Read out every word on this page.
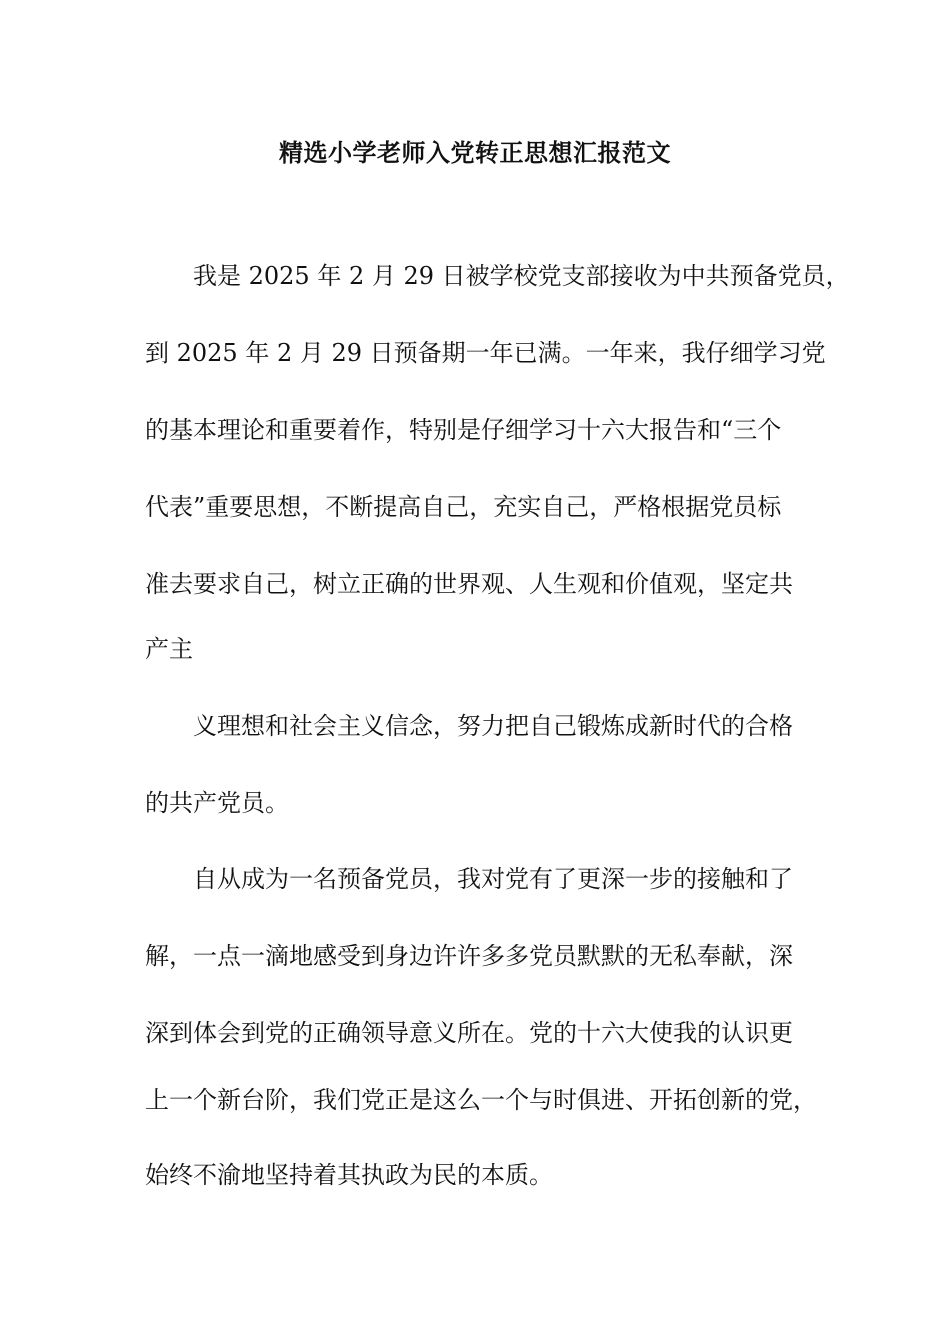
精选小学老师入党转正思想汇报范文
我是 2025 年 2 月 29 日被学校党支部接收为中共预备党员，
到 2025 年 2 月 29 日预备期一年已满。一年来，我仔细学习党
的基本理论和重要着作，特别是仔细学习十六大报告和“三个
代表”重要思想，不断提高自己，充实自己，严格根据党员标
准去要求自己，树立正确的世界观、人生观和价值观，坚定共
产主
义理想和社会主义信念，努力把自己锻炼成新时代的合格
的共产党员。
自从成为一名预备党员，我对党有了更深一步的接触和了
解，一点一滴地感受到身边许许多多党员默默的无私奉献，深
深到体会到党的正确领导意义所在。党的十六大使我的认识更
上一个新台阶，我们党正是这么一个与时俱进、开拓创新的党，
始终不渝地坚持着其执政为民的本质。
